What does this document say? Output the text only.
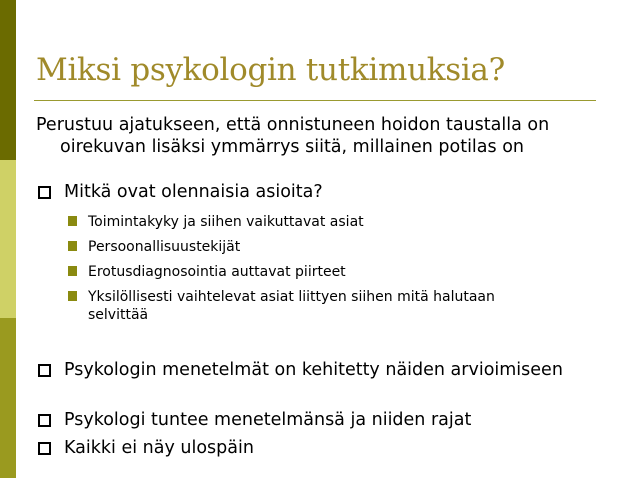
Miksi psykologin tutkimuksia?
Perustuu ajatukseen, että onnistuneen hoidon taustalla on oirekuvan lisäksi ymmärrys siitä, millainen potilas on
Mitkä ovat olennaisia asioita?
Toimintakyky ja siihen vaikuttavat asiat
Persoonallisuustekijät
Erotusdiagnosointia auttavat piirteet
Yksilöllisesti vaihtelevat asiat liittyen siihen mitä halutaan selvittää
Psykologin menetelmät on kehitetty näiden arvioimiseen
Psykologi tuntee menetelmänsä ja niiden rajat
Kaikki ei näy ulospäin
